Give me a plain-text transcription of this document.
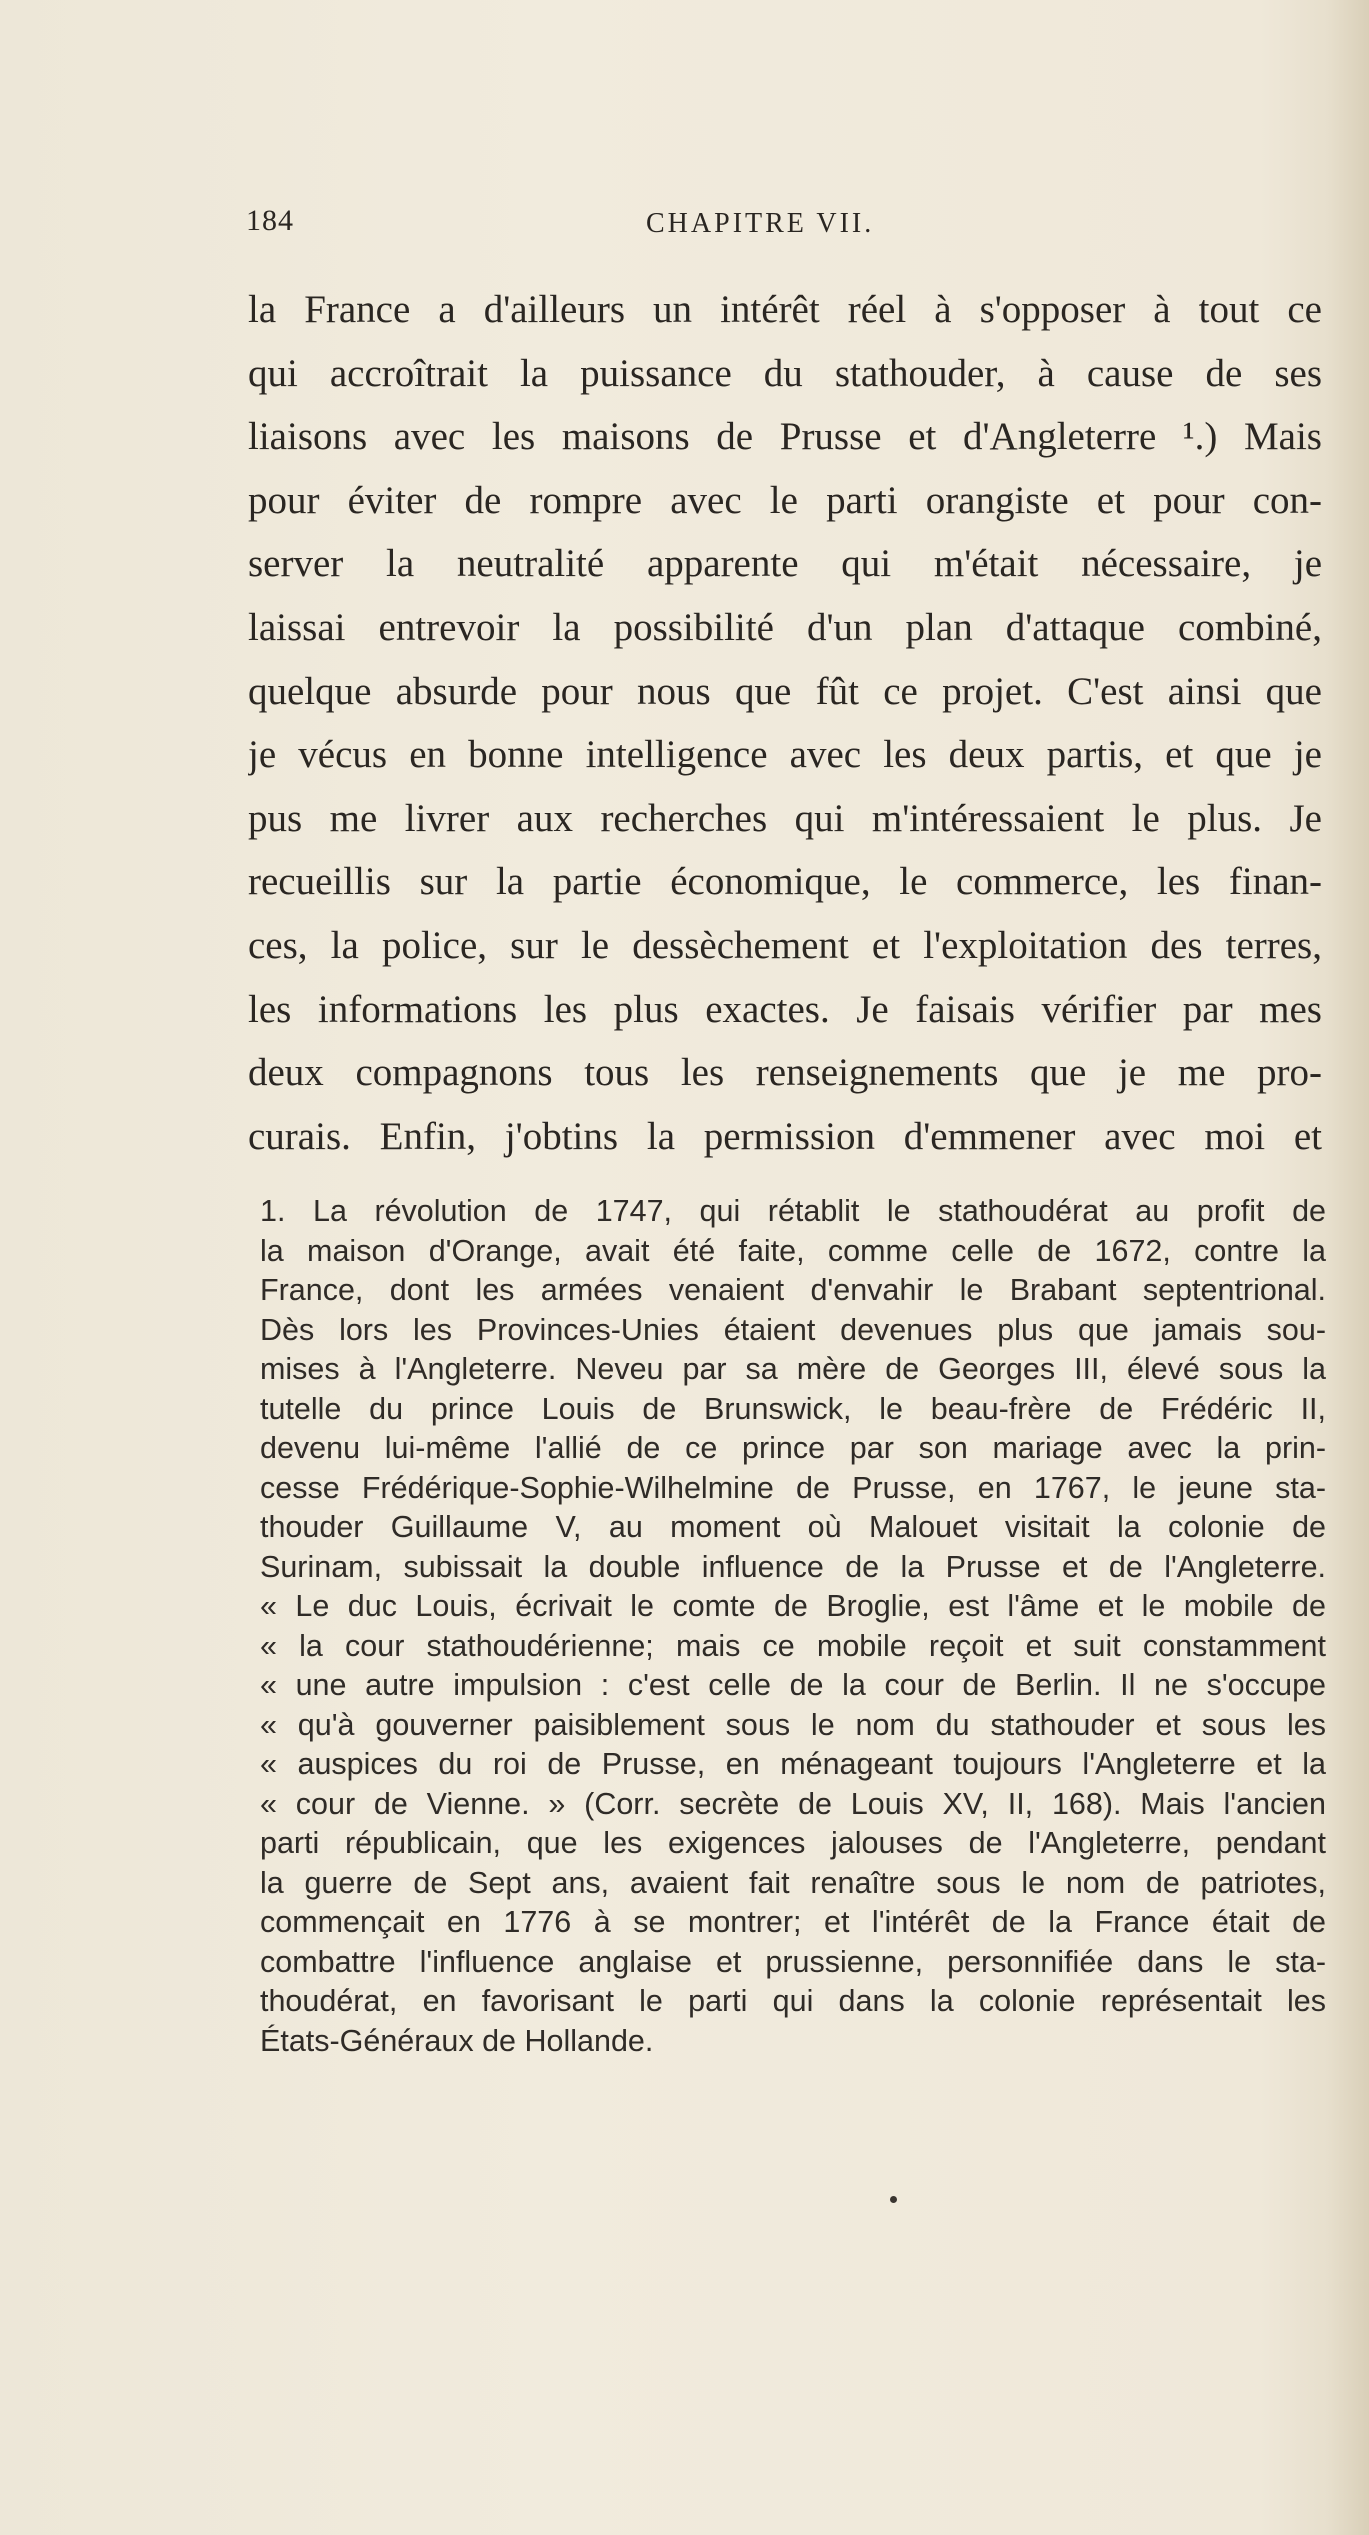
184	CHAPITRE VII.
la France a d'ailleurs un intérêt réel à s'opposer à tout ce
qui accroîtrait la puissance du stathouder, à cause de ses
liaisons avec les maisons de Prusse et d'Angleterre ¹.) Mais
pour éviter de rompre avec le parti orangiste et pour con-
server la neutralité apparente qui m'était nécessaire, je
laissai entrevoir la possibilité d'un plan d'attaque combiné,
quelque absurde pour nous que fût ce projet. C'est ainsi que
je vécus en bonne intelligence avec les deux partis, et que je
pus me livrer aux recherches qui m'intéressaient le plus. Je
recueillis sur la partie économique, le commerce, les finan-
ces, la police, sur le dessèchement et l'exploitation des terres,
les informations les plus exactes. Je faisais vérifier par mes
deux compagnons tous les renseignements que je me pro-
curais. Enfin, j'obtins la permission d'emmener avec moi et
1. La révolution de 1747, qui rétablit le stathoudérat au profit de
la maison d'Orange, avait été faite, comme celle de 1672, contre la
France, dont les armées venaient d'envahir le Brabant septentrional.
Dès lors les Provinces-Unies étaient devenues plus que jamais sou-
mises à l'Angleterre. Neveu par sa mère de Georges III, élevé sous la
tutelle du prince Louis de Brunswick, le beau-frère de Frédéric II,
devenu lui-même l'allié de ce prince par son mariage avec la prin-
cesse Frédérique-Sophie-Wilhelmine de Prusse, en 1767, le jeune sta-
thouder Guillaume V, au moment où Malouet visitait la colonie de
Surinam, subissait la double influence de la Prusse et de l'Angleterre.
« Le duc Louis, écrivait le comte de Broglie, est l'âme et le mobile de
« la cour stathoudérienne; mais ce mobile reçoit et suit constamment
« une autre impulsion : c'est celle de la cour de Berlin. Il ne s'occupe
« qu'à gouverner paisiblement sous le nom du stathouder et sous les
« auspices du roi de Prusse, en ménageant toujours l'Angleterre et la
« cour de Vienne. » (Corr. secrète de Louis XV, II, 168). Mais l'ancien
parti républicain, que les exigences jalouses de l'Angleterre, pendant
la guerre de Sept ans, avaient fait renaître sous le nom de patriotes,
commençait en 1776 à se montrer; et l'intérêt de la France était de
combattre l'influence anglaise et prussienne, personnifiée dans le sta-
thoudérat, en favorisant le parti qui dans la colonie représentait les
États-Généraux de Hollande.
